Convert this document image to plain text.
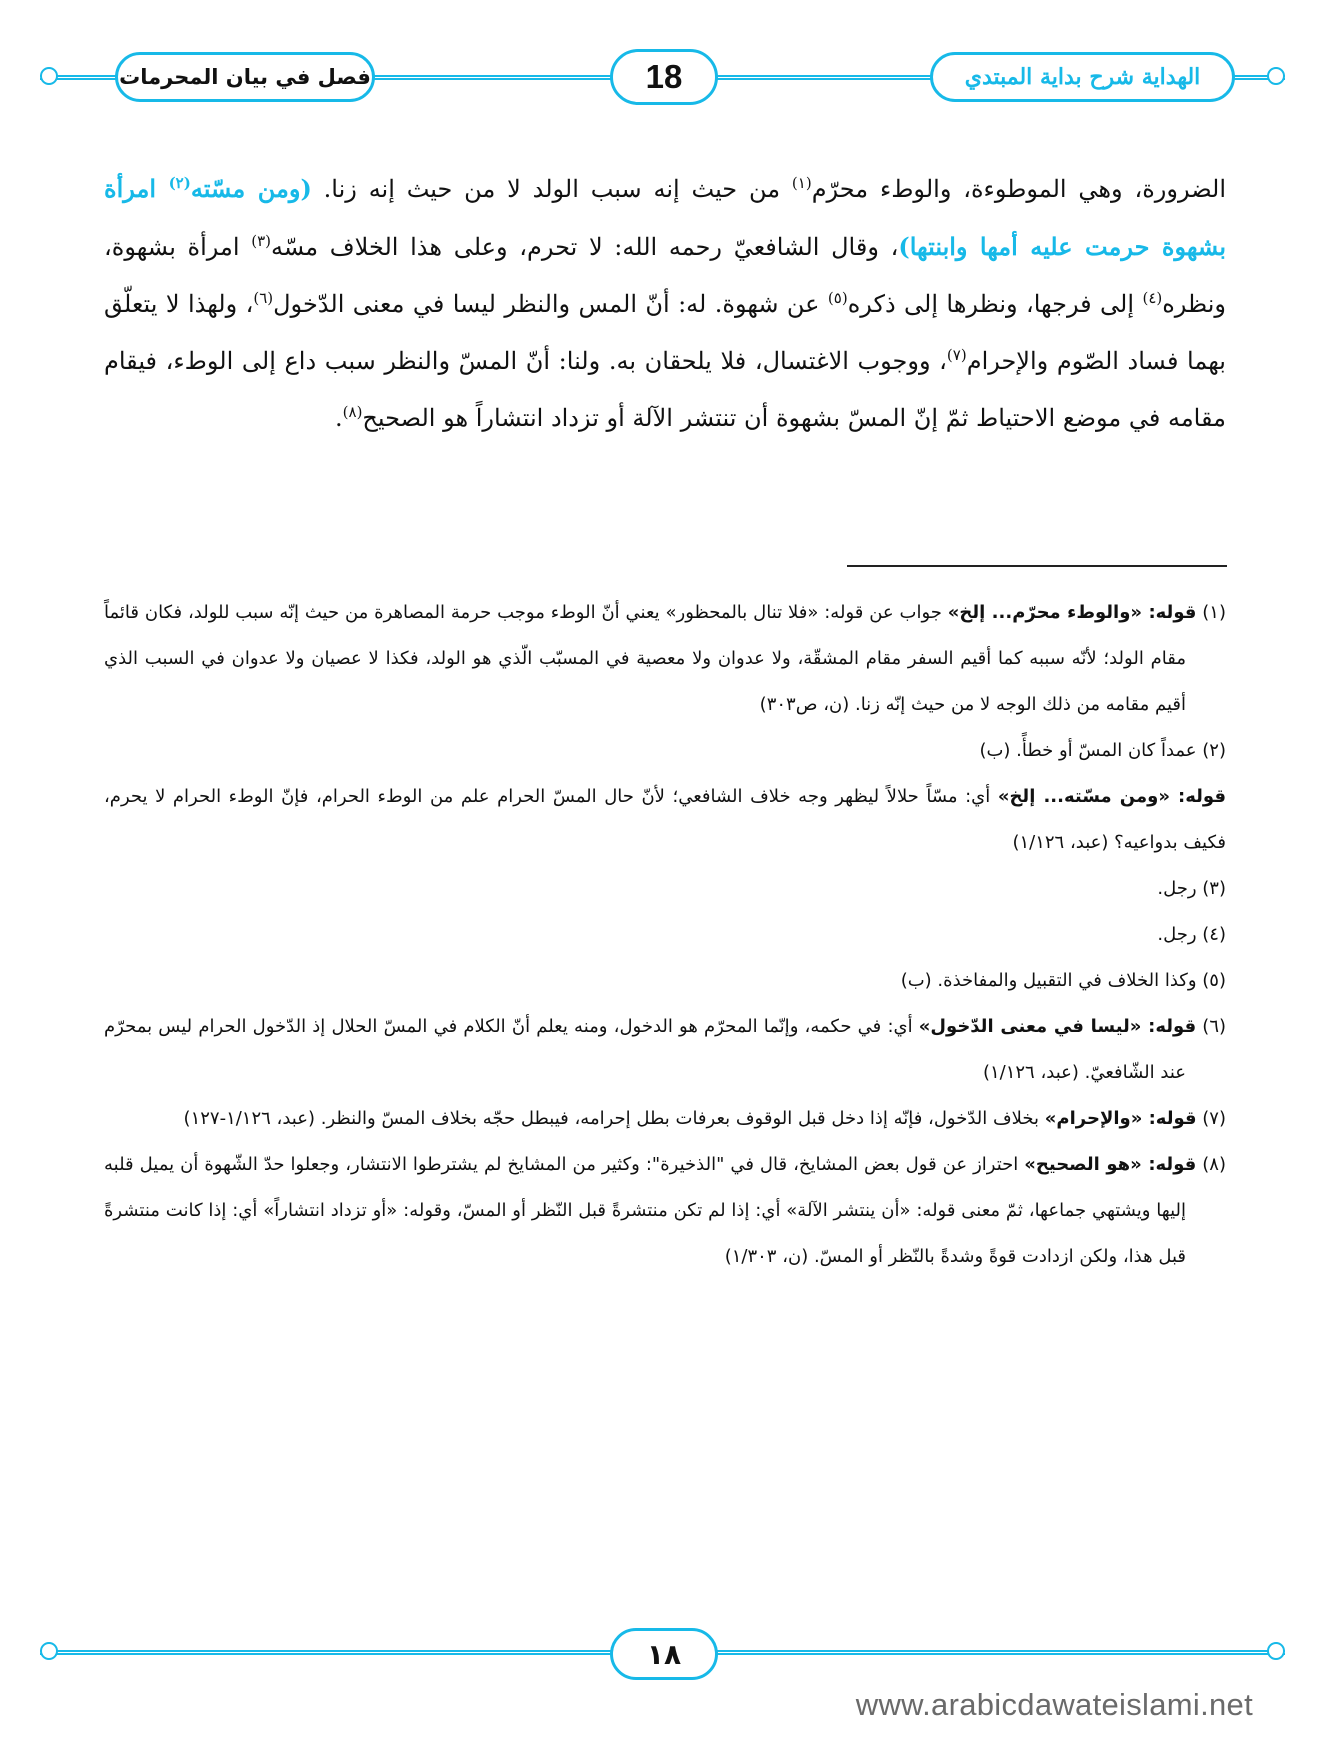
فصل في بيان المحرمات	18	الهداية شرح بداية المبتدي
الضرورة، وهي الموطوءة، والوطء محرّم$^{(١)}$ من حيث إنه سبب الولد لا من حيث إنه زنا. (ومن مسّته$^{(٢)}$ امرأة بشهوة حرمت عليه أمها وابنتها)، وقال الشافعيّ رحمه الله: لا تحرم، وعلى هذا الخلاف مسّه$^{(٣)}$ امرأة بشهوة، ونظره$^{(٤)}$ إلى فرجها، ونظرها إلى ذكره$^{(٥)}$ عن شهوة. له: أنّ المس والنظر ليسا في معنى الدّخول$^{(٦)}$، ولهذا لا يتعلّق بهما فساد الصّوم والإحرام$^{(٧)}$، ووجوب الاغتسال، فلا يلحقان به. ولنا: أنّ المسّ والنظر سبب داع إلى الوطء، فيقام مقامه في موضع الاحتياط ثمّ إنّ المسّ بشهوة أن تنتشر الآلة أو تزداد انتشاراً هو الصحيح$^{(٨)}$.

(١) قوله: «والوطء محرّم... إلخ» جواب عن قوله: «فلا تنال بالمحظور» يعني أنّ الوطء موجب حرمة المصاهرة من حيث إنّه سبب للولد، فكان قائماً مقام الولد؛ لأنّه سببه كما أقيم السفر مقام المشقّة، ولا عدوان ولا معصية في المسبّب الّذي هو الولد، فكذا لا عصيان ولا عدوان في السبب الذي أقيم مقامه من ذلك الوجه لا من حيث إنّه زنا. (ن، ص٣٠٣)

(٢) عمداً كان المسّ أو خطأً. (ب)

قوله: «ومن مسّته... إلخ» أي: مسّاً حلالاً ليظهر وجه خلاف الشافعي؛ لأنّ حال المسّ الحرام علم من الوطء الحرام، فإنّ الوطء الحرام لا يحرم، فكيف بدواعيه؟ (عبد، ١/١٢٦)

(٣) رجل.

(٤) رجل.

(٥) وكذا الخلاف في التقبيل والمفاخذة. (ب)

(٦) قوله: «ليسا في معنى الدّخول» أي: في حكمه، وإنّما المحرّم هو الدخول، ومنه يعلم أنّ الكلام في المسّ الحلال إذ الدّخول الحرام ليس بمحرّم عند الشّافعيّ. (عبد، ١/١٢٦)

(٧) قوله: «والإحرام» بخلاف الدّخول، فإنّه إذا دخل قبل الوقوف بعرفات بطل إحرامه، فيبطل حجّه بخلاف المسّ والنظر. (عبد، ١/١٢٦-١٢٧)

(٨) قوله: «هو الصحيح» احتراز عن قول بعض المشايخ، قال في "الذخيرة": وكثير من المشايخ لم يشترطوا الانتشار، وجعلوا حدّ الشّهوة أن يميل قلبه إليها ويشتهي جماعها، ثمّ معنى قوله: «أن ينتشر الآلة» أي: إذا لم تكن منتشرةً قبل النّظر أو المسّ، وقوله: «أو تزداد انتشاراً» أي: إذا كانت منتشرةً قبل هذا، ولكن ازدادت قوةً وشدةً بالنّظر أو المسّ. (ن، ١/٣٠٣)

١٨
www.arabicdawateislami.net
